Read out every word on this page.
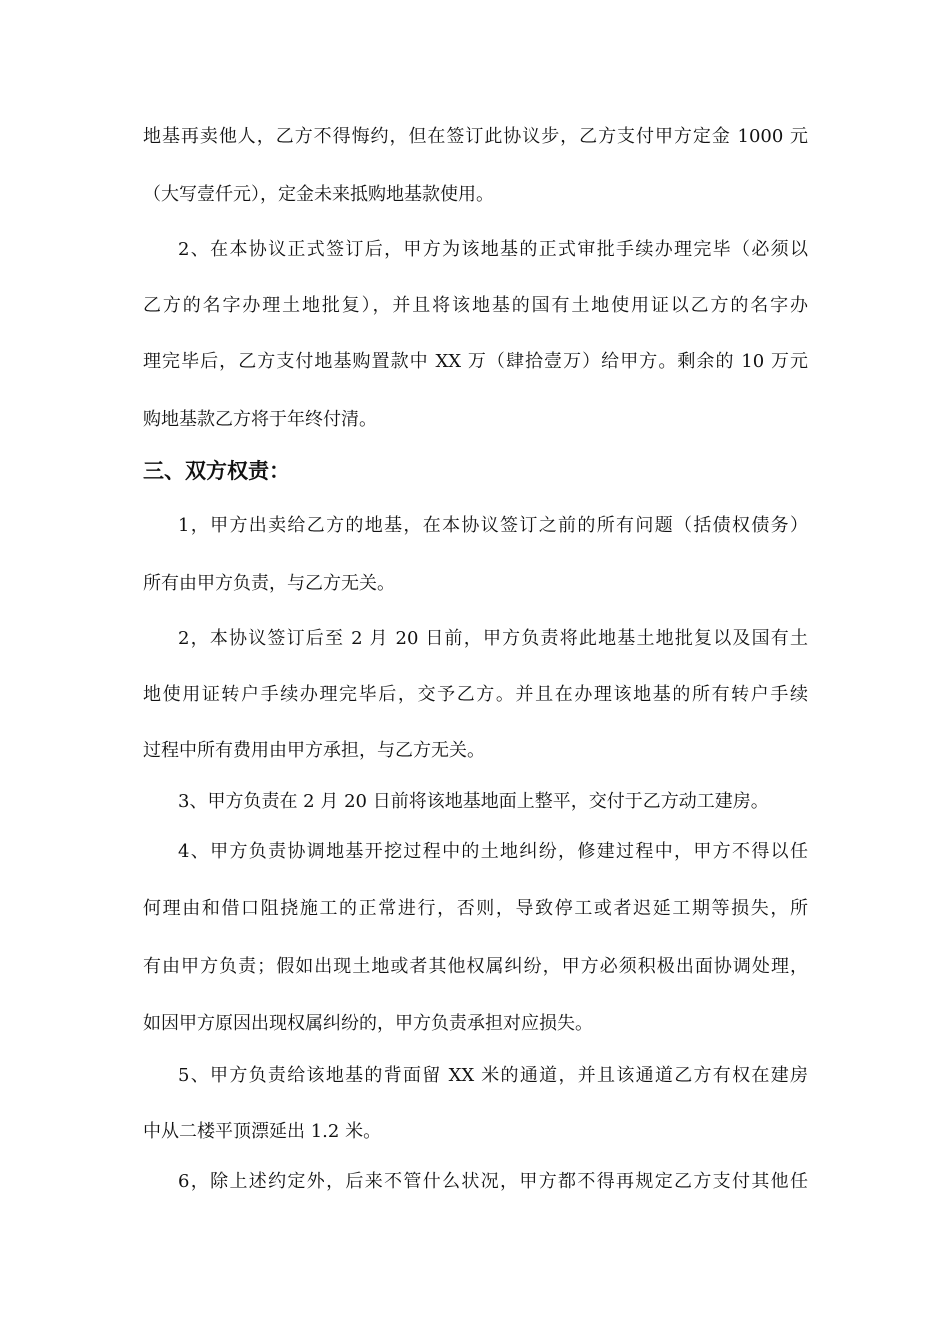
地基再卖他人，乙方不得悔约，但在签订此协议步，乙方支付甲方定金 1000 元
（大写壹仟元），定金未来抵购地基款使用。
2、在本协议正式签订后，甲方为该地基的正式审批手续办理完毕（必须以
乙方的名字办理土地批复），并且将该地基的国有土地使用证以乙方的名字办
理完毕后，乙方支付地基购置款中 XX 万（肆拾壹万）给甲方。剩余的 10 万元
购地基款乙方将于年终付清。
三、双方权责：
1，甲方出卖给乙方的地基，在本协议签订之前的所有问题（括债权债务）
所有由甲方负责，与乙方无关。
2，本协议签订后至 2 月 20 日前，甲方负责将此地基土地批复以及国有土
地使用证转户手续办理完毕后，交予乙方。并且在办理该地基的所有转户手续
过程中所有费用由甲方承担，与乙方无关。
3、甲方负责在 2 月 20 日前将该地基地面上整平，交付于乙方动工建房。
4、甲方负责协调地基开挖过程中的土地纠纷，修建过程中，甲方不得以任
何理由和借口阻挠施工的正常进行，否则，导致停工或者迟延工期等损失，所
有由甲方负责；假如出现土地或者其他权属纠纷，甲方必须积极出面协调处理，
如因甲方原因出现权属纠纷的，甲方负责承担对应损失。
5、甲方负责给该地基的背面留 XX 米的通道，并且该通道乙方有权在建房
中从二楼平顶漂延出 1.2 米。
6，除上述约定外，后来不管什么状况，甲方都不得再规定乙方支付其他任
